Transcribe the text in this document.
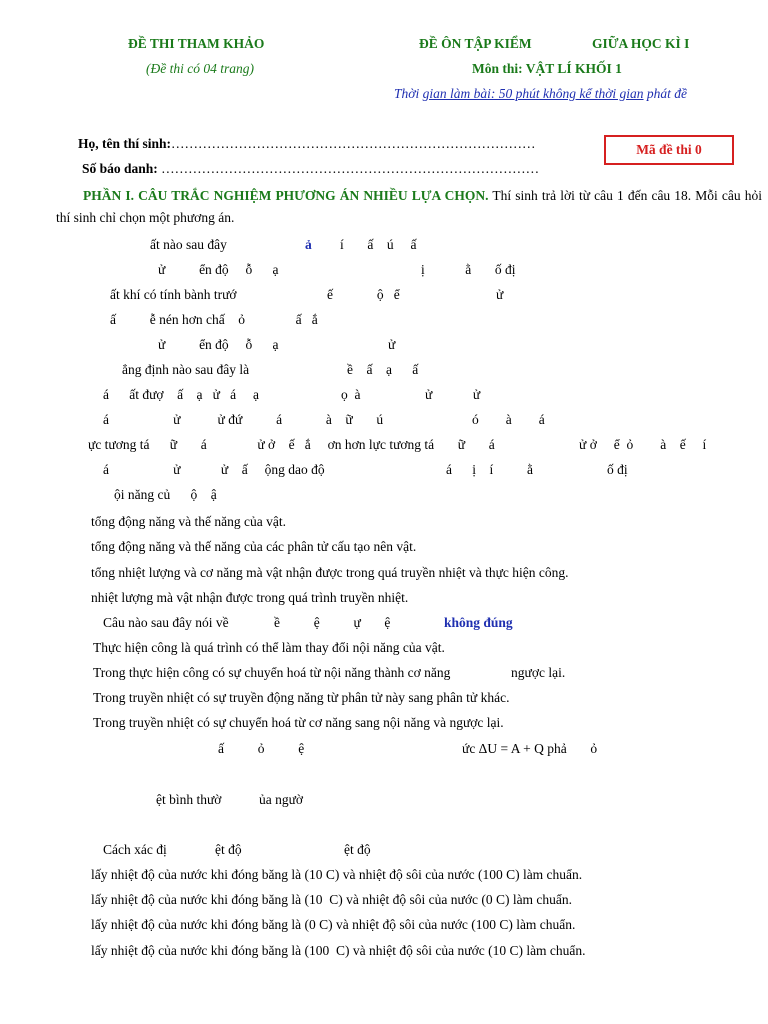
ĐỀ THI THAM KHẢO
(Đề thi có 04 trang)
ĐỀ ÔN TẬP KIỂM	GIỮA HỌC KÌ I
Môn thi: VẬT LÍ KHỐI 1
Thời gian làm bài: 50 phút không kể thời gian phát đề
Họ, tên thí sinh:………………………………………………………………………
Số báo danh: …………………………………………………………………………
Mã đề thi 0
PHẦN I. CÂU TRẮC NGHIỆM PHƯƠNG ÁN NHIỀU LỰA CHỌN. Thí sinh trả lời từ câu 1 đến câu 18. Mỗi câu hỏi thí sinh chỉ chọn một phương án.
ất nào sau đây	ả í       ấ    ú     ấ
ử          ển độ     ỗ      ạ	ị            ằ       ố đị
ất khí có tính bành trướ	ế             ộ   ể	ử
ấ          ễ nén hơn chấ    ỏ               ấ   ắ
ử          ển độ     ỗ      ạ	ử
ẳng định nào sau đây là	ề    ấ    ạ      ấ
á      ất đượ    ấ    ạ   ử   á     ạ	ọ  à	ử            ử
á                   ử           ử đứ          á             à    ữ       ú	ó        à        á
ực tương tá      ữ       á               ử ở    ế   ắ     ơn hơn lực tương tá       ữ       á	ử ở     ể  ỏ        à    ế     í
á                   ử            ử    ấ     ộng dao độ	á      ị    í          ằ	ố đị
ội năng củ      ộ    ậ
tổng động năng và thế năng của vật.
tổng động năng và thế năng của các phân tử cấu tạo nên vật.
tổng nhiệt lượng và cơ năng mà vật nhận được trong quá truyền nhiệt và thực hiện công.
nhiệt lượng mà vật nhận được trong quá trình truyền nhiệt.
Câu nào sau đây nói về	ề          ệ          ự       ệ	không đúng
Thực hiện công là quá trình có thể làm thay đổi nội năng của vật.
Trong thực hiện công có sự chuyển hoá từ nội năng thành cơ năng	ngược lại.
Trong truyền nhiệt có sự truyền động năng từ phân tử này sang phân tử khác.
Trong truyền nhiệt có sự chuyển hoá từ cơ năng sang nội năng và ngược lại.
ấ          ỏ          ệ	ức ΔU = A + Q phả       ỏ
ệt bình thườ	ủa ngườ
Cách xác đị	ệt độ	ệt độ
lấy nhiệt độ của nước khi đóng băng là (10 C) và nhiệt độ sôi của nước (100 C) làm chuẩn.
lấy nhiệt độ của nước khi đóng băng là (10  C) và nhiệt độ sôi của nước (0 C) làm chuẩn.
lấy nhiệt độ của nước khi đóng băng là (0 C) và nhiệt độ sôi của nước (100 C) làm chuẩn.
lấy nhiệt độ của nước khi đóng băng là (100  C) và nhiệt độ sôi của nước (10 C) làm chuẩn.
